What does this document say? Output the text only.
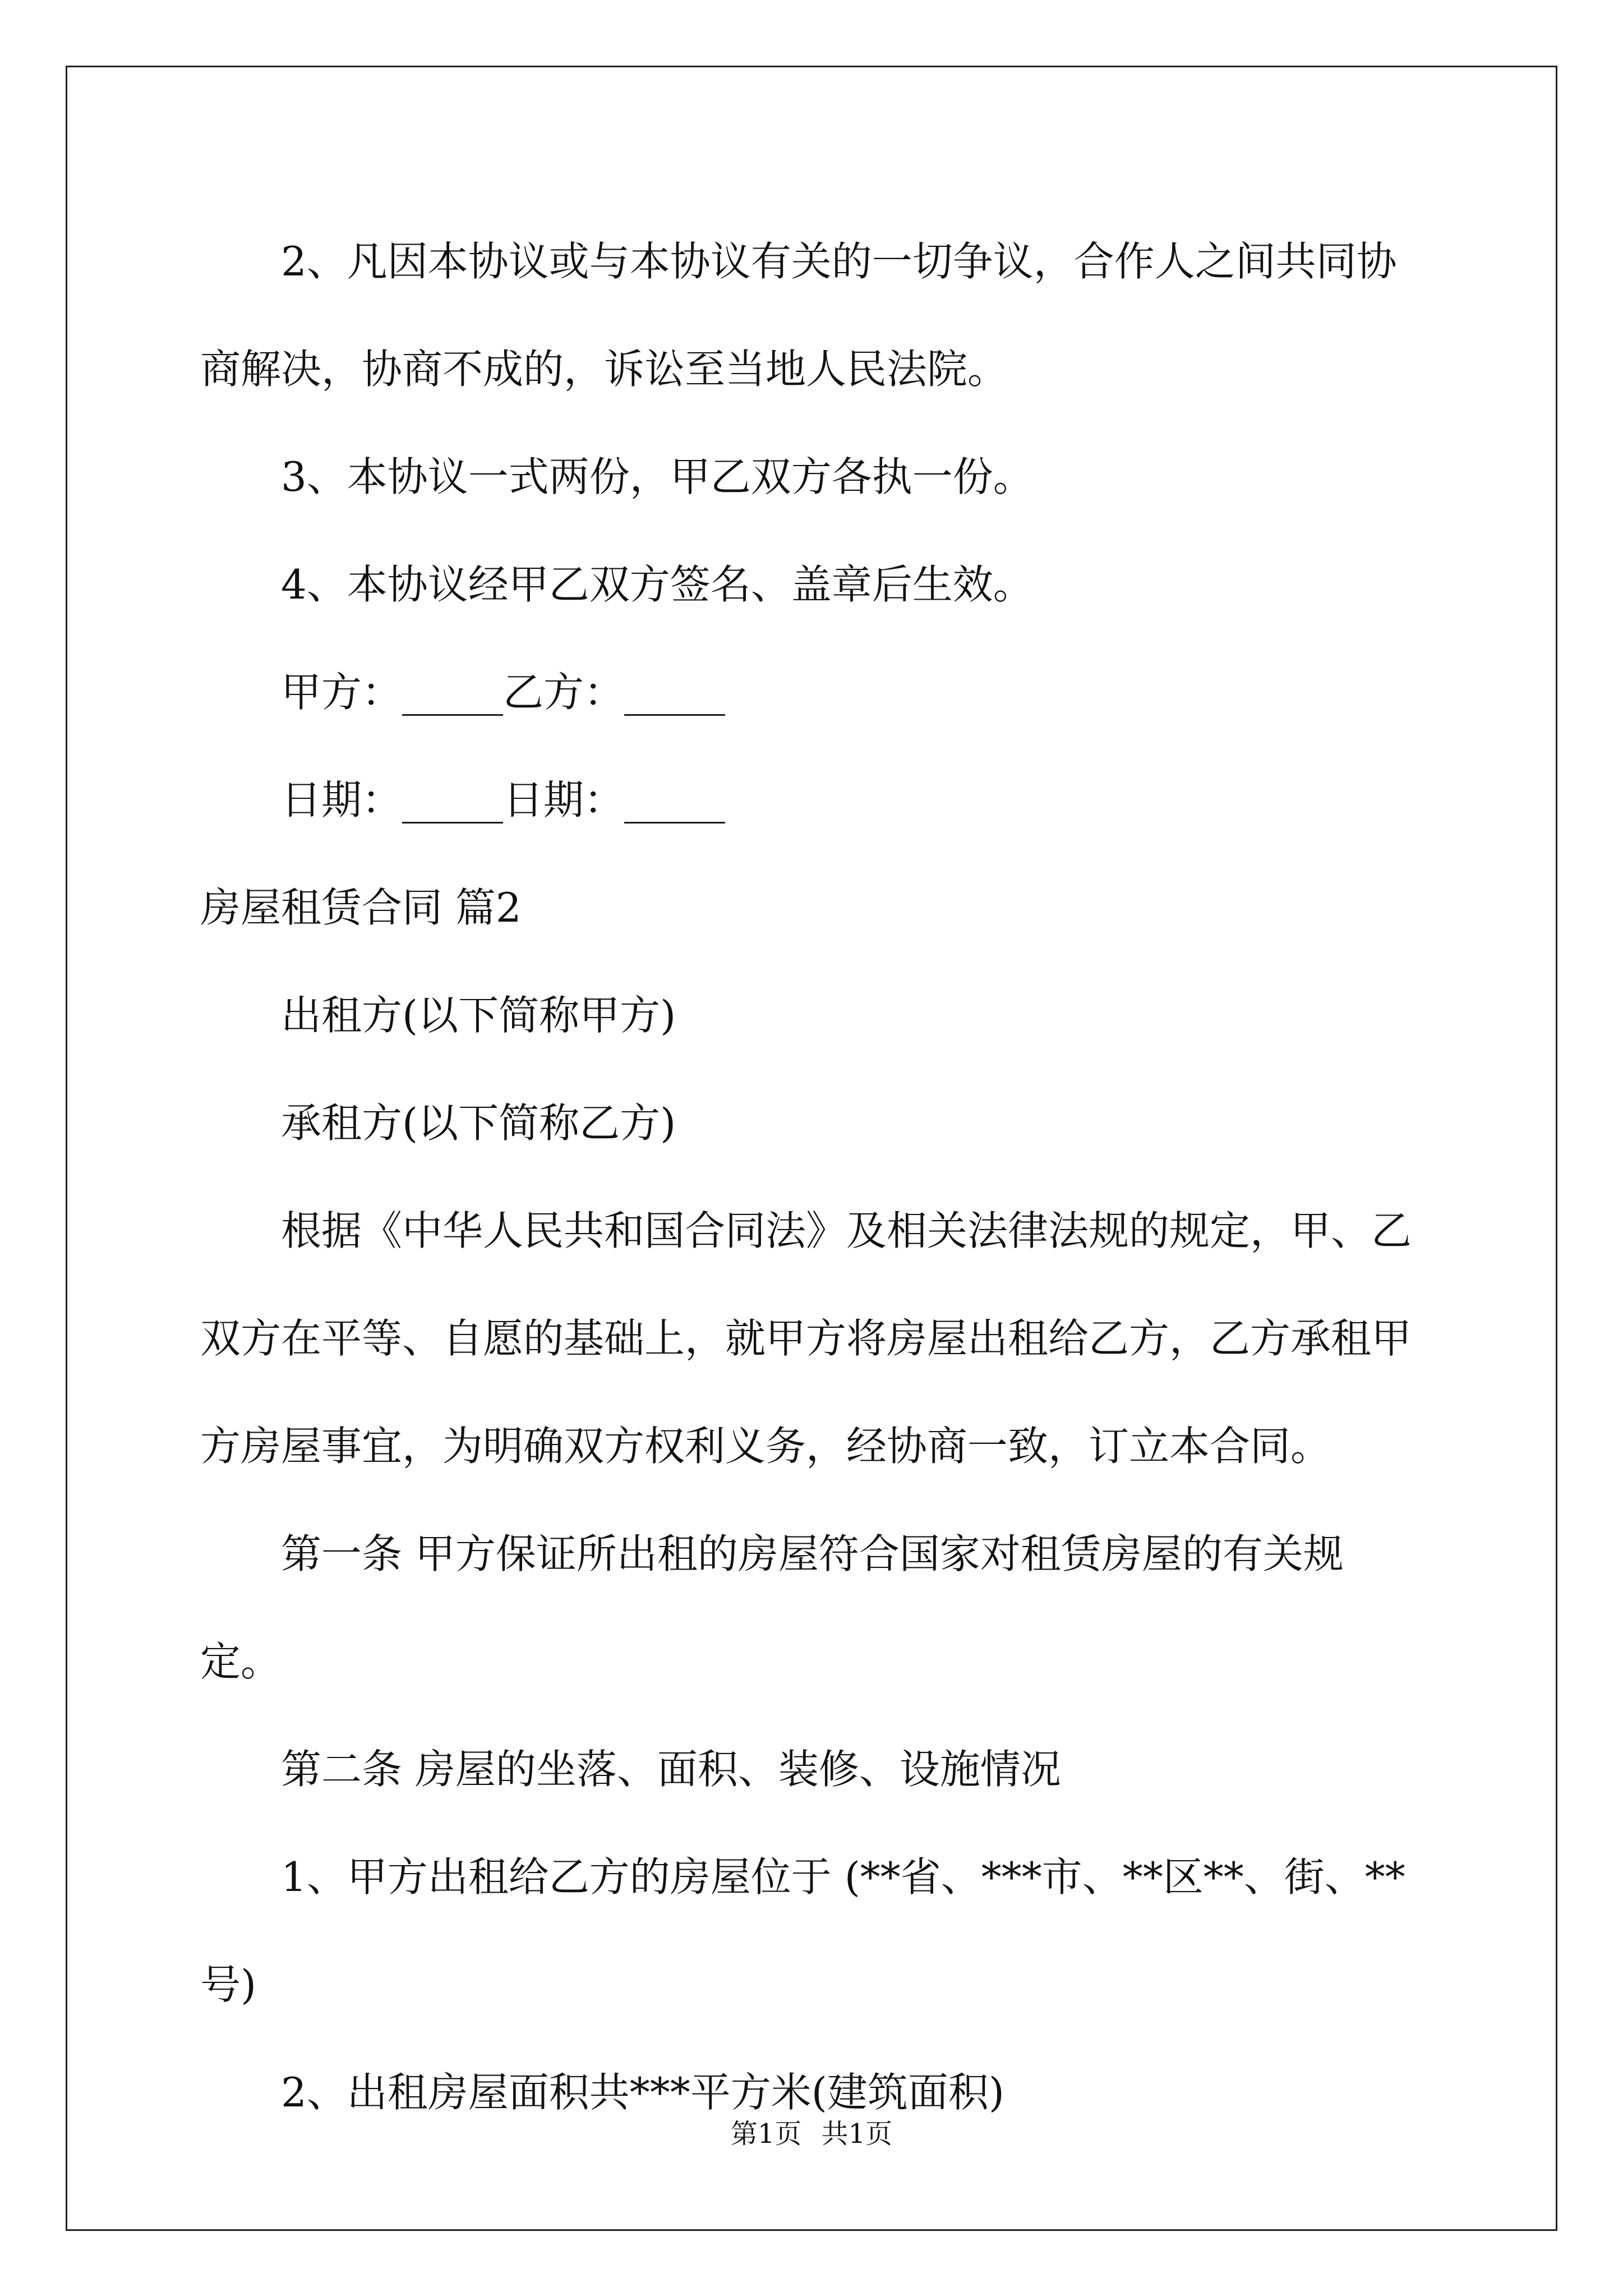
2、凡因本协议或与本协议有关的一切争议，合作人之间共同协商解决，协商不成的，诉讼至当地人民法院。

3、本协议一式两份，甲乙双方各执一份。

4、本协议经甲乙双方签名、盖章后生效。

甲方：_____乙方：_____

日期：_____日期：_____

房屋租赁合同 篇2

出租方(以下简称甲方)

承租方(以下简称乙方)

根据《中华人民共和国合同法》及相关法律法规的规定，甲、乙双方在平等、自愿的基础上，就甲方将房屋出租给乙方，乙方承租甲方房屋事宜，为明确双方权利义务，经协商一致，订立本合同。

第一条 甲方保证所出租的房屋符合国家对租赁房屋的有关规定。

第二条 房屋的坐落、面积、装修、设施情况

1、甲方出租给乙方的房屋位于 (**省、***市、**区**、街、**号)

2、出租房屋面积共***平方米(建筑面积)

第1页 共1页
